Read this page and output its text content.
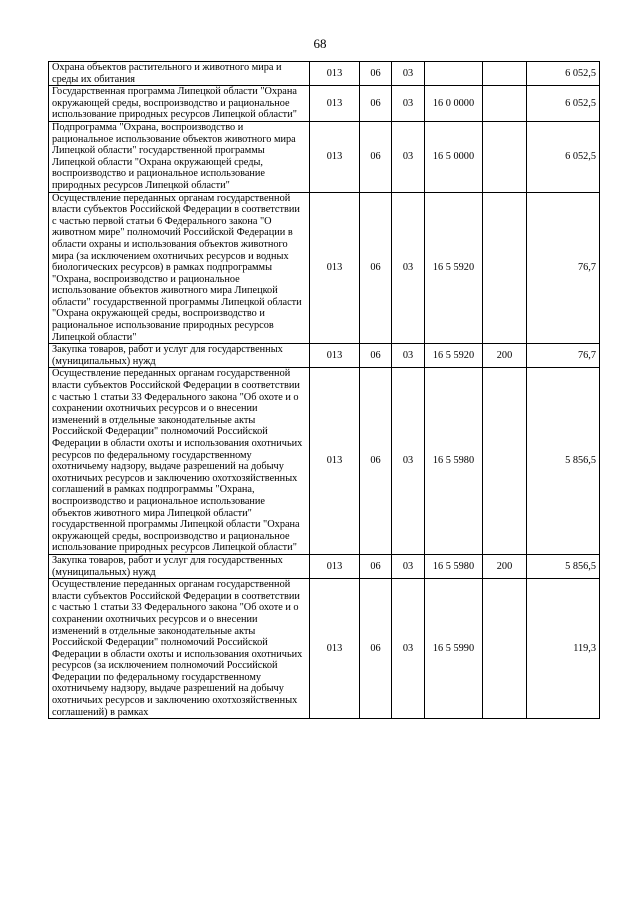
68
Охрана объектов растительного и животного мира и среды их обитания	013	06	03			6 052,5
Государственная программа Липецкой области "Охрана окружающей среды, воспроизводство и рациональное использование природных ресурсов Липецкой области"	013	06	03	16 0 0000		6 052,5
Подпрограмма "Охрана, воспроизводство и рациональное использование объектов животного мира Липецкой области" государственной программы Липецкой области "Охрана окружающей среды, воспроизводство и рациональное использование природных ресурсов Липецкой области"	013	06	03	16 5 0000		6 052,5
Осуществление переданных органам государственной власти субъектов Российской Федерации в соответствии с частью первой статьи 6 Федерального закона "О животном мире" полномочий Российской Федерации в области охраны и использования объектов животного мира (за исключением охотничьих ресурсов и водных биологических ресурсов) в рамках подпрограммы "Охрана, воспроизводство и рациональное использование объектов животного мира Липецкой области" государственной программы Липецкой области "Охрана окружающей среды, воспроизводство и рациональное использование природных ресурсов Липецкой области"	013	06	03	16 5 5920		76,7
Закупка товаров, работ и услуг для государственных (муниципальных) нужд	013	06	03	16 5 5920	200	76,7
Осуществление переданных органам государственной власти субъектов Российской Федерации в соответствии с частью 1 статьи 33 Федерального закона "Об охоте и о сохранении охотничьих ресурсов и о внесении изменений в отдельные законодательные акты Российской Федерации" полномочий Российской Федерации в области охоты и использования охотничьих ресурсов по федеральному государственному охотничьему надзору, выдаче разрешений на добычу охотничьих ресурсов и заключению охотхозяйственных соглашений в рамках подпрограммы "Охрана, воспроизводство и рациональное использование объектов животного мира Липецкой области" государственной программы Липецкой области "Охрана окружающей среды, воспроизводство и рациональное использование природных ресурсов Липецкой области"	013	06	03	16 5 5980		5 856,5
Закупка товаров, работ и услуг для государственных (муниципальных) нужд	013	06	03	16 5 5980	200	5 856,5
Осуществление переданных органам государственной власти субъектов Российской Федерации в соответствии с частью 1 статьи 33 Федерального закона "Об охоте и о сохранении охотничьих ресурсов и о внесении изменений в отдельные законодательные акты Российской Федерации" полномочий Российской Федерации в области охоты и использования охотничьих ресурсов (за исключением полномочий Российской Федерации по федеральному государственному охотничьему надзору, выдаче разрешений на добычу охотничьих ресурсов и заключению охотхозяйственных соглашений) в рамках	013	06	03	16 5 5990		119,3
